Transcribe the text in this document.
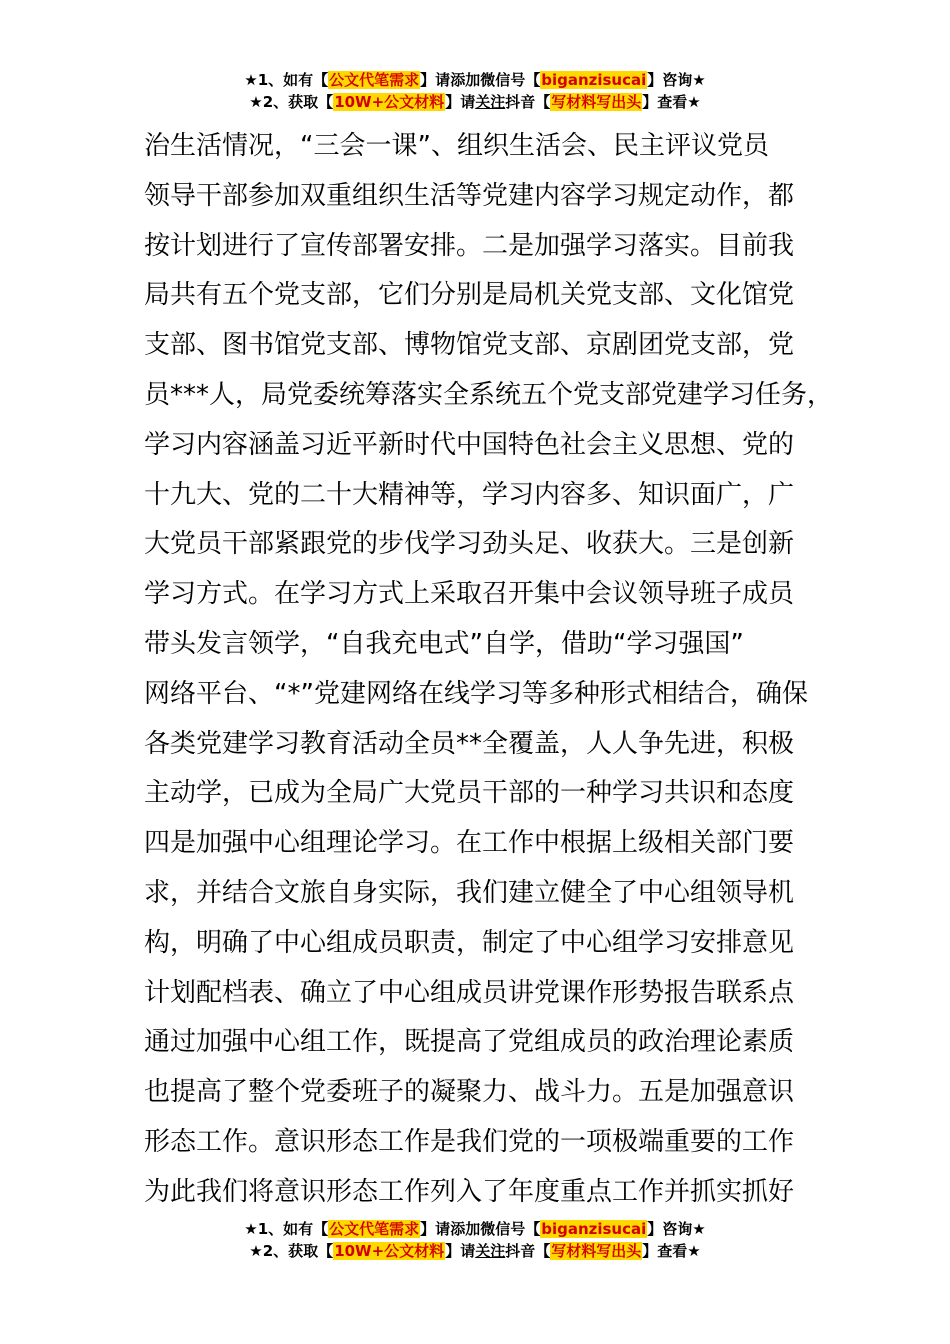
★1、如有【公文代笔需求】请添加微信号【biganzisucai】咨询★
★2、获取【10W+公文材料】请关注抖音【写材料写出头】查看★
治生活情况，“三会一课”、组织生活会、民主评议党员
领导干部参加双重组织生活等党建内容学习规定动作，都
按计划进行了宣传部署安排。二是加强学习落实。目前我
局共有五个党支部，它们分别是局机关党支部、文化馆党
支部、图书馆党支部、博物馆党支部、京剧团党支部，党
员***人，局党委统筹落实全系统五个党支部党建学习任务，
学习内容涵盖习近平新时代中国特色社会主义思想、党的
十九大、党的二十大精神等，学习内容多、知识面广，广
大党员干部紧跟党的步伐学习劲头足、收获大。三是创新
学习方式。在学习方式上采取召开集中会议领导班子成员
带头发言领学，“自我充电式”自学，借助“学习强国”
网络平台、“*”党建网络在线学习等多种形式相结合，确保
各类党建学习教育活动全员**全覆盖，人人争先进，积极
主动学，已成为全局广大党员干部的一种学习共识和态度
四是加强中心组理论学习。在工作中根据上级相关部门要
求，并结合文旅自身实际，我们建立健全了中心组领导机
构，明确了中心组成员职责，制定了中心组学习安排意见
计划配档表、确立了中心组成员讲党课作形势报告联系点
通过加强中心组工作，既提高了党组成员的政治理论素质
也提高了整个党委班子的凝聚力、战斗力。五是加强意识
形态工作。意识形态工作是我们党的一项极端重要的工作
为此我们将意识形态工作列入了年度重点工作并抓实抓好
★1、如有【公文代笔需求】请添加微信号【biganzisucai】咨询★
★2、获取【10W+公文材料】请关注抖音【写材料写出头】查看★
